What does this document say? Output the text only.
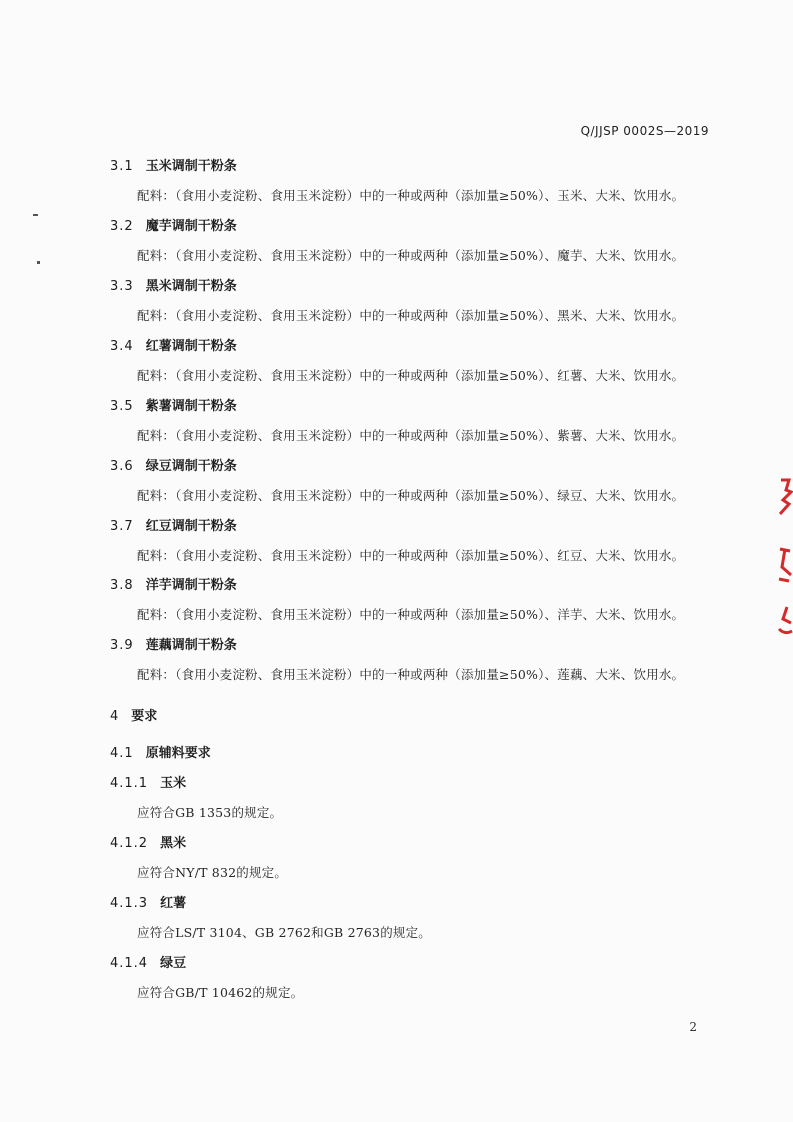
Q/JJSP 0002S—2019
3.1 玉米调制干粉条
配料：（食用小麦淀粉、食用玉米淀粉）中的一种或两种（添加量≥50%）、玉米、大米、饮用水。
3.2 魔芋调制干粉条
配料：（食用小麦淀粉、食用玉米淀粉）中的一种或两种（添加量≥50%）、魔芋、大米、饮用水。
3.3 黑米调制干粉条
配料：（食用小麦淀粉、食用玉米淀粉）中的一种或两种（添加量≥50%）、黑米、大米、饮用水。
3.4 红薯调制干粉条
配料：（食用小麦淀粉、食用玉米淀粉）中的一种或两种（添加量≥50%）、红薯、大米、饮用水。
3.5 紫薯调制干粉条
配料：（食用小麦淀粉、食用玉米淀粉）中的一种或两种（添加量≥50%）、紫薯、大米、饮用水。
3.6 绿豆调制干粉条
配料：（食用小麦淀粉、食用玉米淀粉）中的一种或两种（添加量≥50%）、绿豆、大米、饮用水。
3.7 红豆调制干粉条
配料：（食用小麦淀粉、食用玉米淀粉）中的一种或两种（添加量≥50%）、红豆、大米、饮用水。
3.8 洋芋调制干粉条
配料：（食用小麦淀粉、食用玉米淀粉）中的一种或两种（添加量≥50%）、洋芋、大米、饮用水。
3.9 莲藕调制干粉条
配料：（食用小麦淀粉、食用玉米淀粉）中的一种或两种（添加量≥50%）、莲藕、大米、饮用水。
4 要求
4.1 原辅料要求
4.1.1 玉米
应符合GB 1353的规定。
4.1.2 黑米
应符合NY/T 832的规定。
4.1.3 红薯
应符合LS/T 3104、GB 2762和GB 2763的规定。
4.1.4 绿豆
应符合GB/T 10462的规定。
2
